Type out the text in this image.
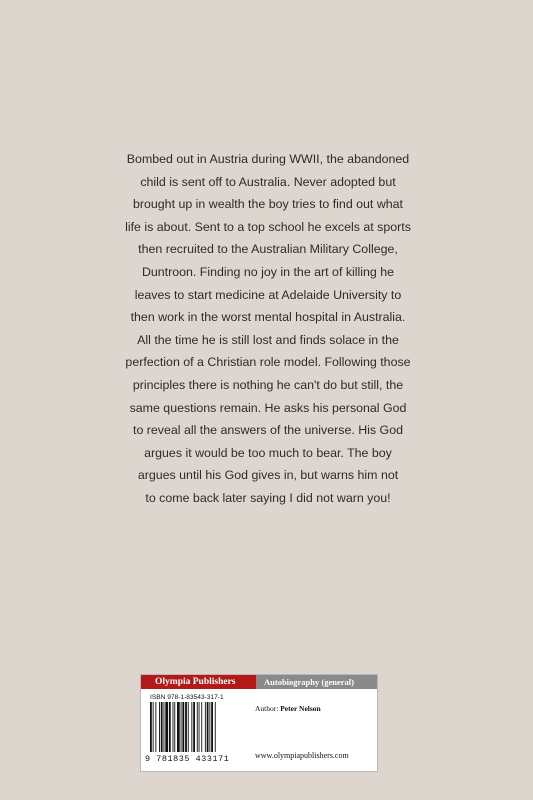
Bombed out in Austria during WWII, the abandoned
child is sent off to Australia. Never adopted but
brought up in wealth the boy tries to find out what
life is about. Sent to a top school he excels at sports
then recruited to the Australian Military College,
Duntroon. Finding no joy in the art of killing he
leaves to start medicine at Adelaide University to
then work in the worst mental hospital in Australia.
All the time he is still lost and finds solace in the
perfection of a Christian role model. Following those
principles there is nothing he can't do but still, the
same questions remain. He asks his personal God
to reveal all the answers of the universe. His God
argues it would be too much to bear. The boy
argues until his God gives in, but warns him not
to come back later saying I did not warn you!
Olympia Publishers	Autobiography (general)
ISBN 978-1-83543-317-1
9 781835 433171
Author: Peter Nelson
www.olympiapublishers.com
